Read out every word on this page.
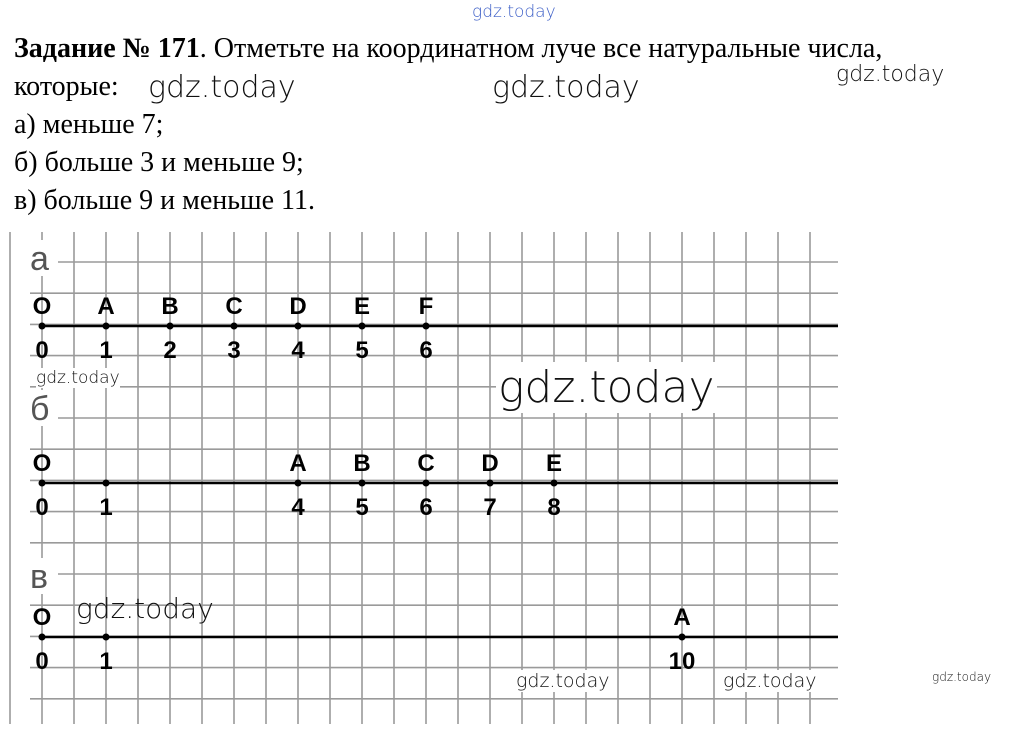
Задание № 171. Отметьте на координатном луче все натуральные числа,
которые:
а) меньше 7;
б) больше 3 и меньше 9;
в) больше 9 и меньше 11.
а
O
0
A
1
B
2
C
3
D
4
E
5
F
6
б
O
0 1
A
4
B
5
C
6
D
7
E
8
в
O
0 1
A
10
gdz.today
gdz.today	gdz.today	gdz.today
gdz.today	gdz.today
gdz.today
gdz.today	gdz.today	gdz.today
